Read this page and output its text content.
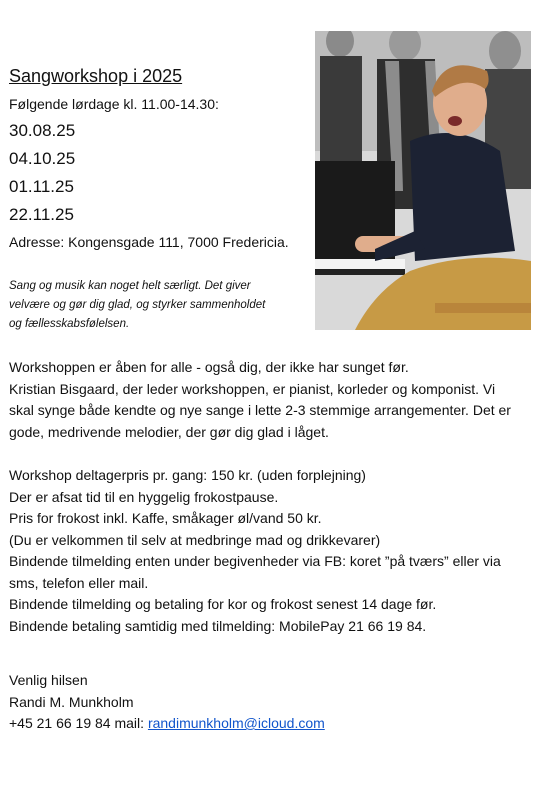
Sangworkshop i 2025
Følgende lørdage kl. 11.00-14.30:
30.08.25
04.10.25
01.11.25
22.11.25
Adresse: Kongensgade 111, 7000 Fredericia.
Sang og musik kan noget helt særligt. Det giver
velvære og gør dig glad, og styrker sammenholdet
og fællesskabsfølelsen.
Workshoppen er åben for alle - også dig, der ikke har sunget før.
Kristian Bisgaard, der leder workshoppen, er pianist, korleder og komponist. Vi
skal synge både kendte og nye sange i lette 2-3 stemmige arrangementer. Det er
gode, medrivende melodier, der gør dig glad i låget.
Workshop deltagerpris pr. gang: 150 kr. (uden forplejning)
Der er afsat tid til en hyggelig frokostpause.
Pris for frokost inkl. Kaffe, småkager øl/vand 50 kr.
(Du er velkommen til selv at medbringe mad og drikkevarer)
Bindende tilmelding enten under begivenheder via FB: koret ”på tværs” eller via
sms, telefon eller mail.
Bindende tilmelding og betaling for kor og frokost senest 14 dage før.
Bindende betaling samtidig med tilmelding: MobilePay 21 66 19 84.
Venlig hilsen
Randi M. Munkholm
+45 21 66 19 84 mail: randimunkholm@icloud.com
